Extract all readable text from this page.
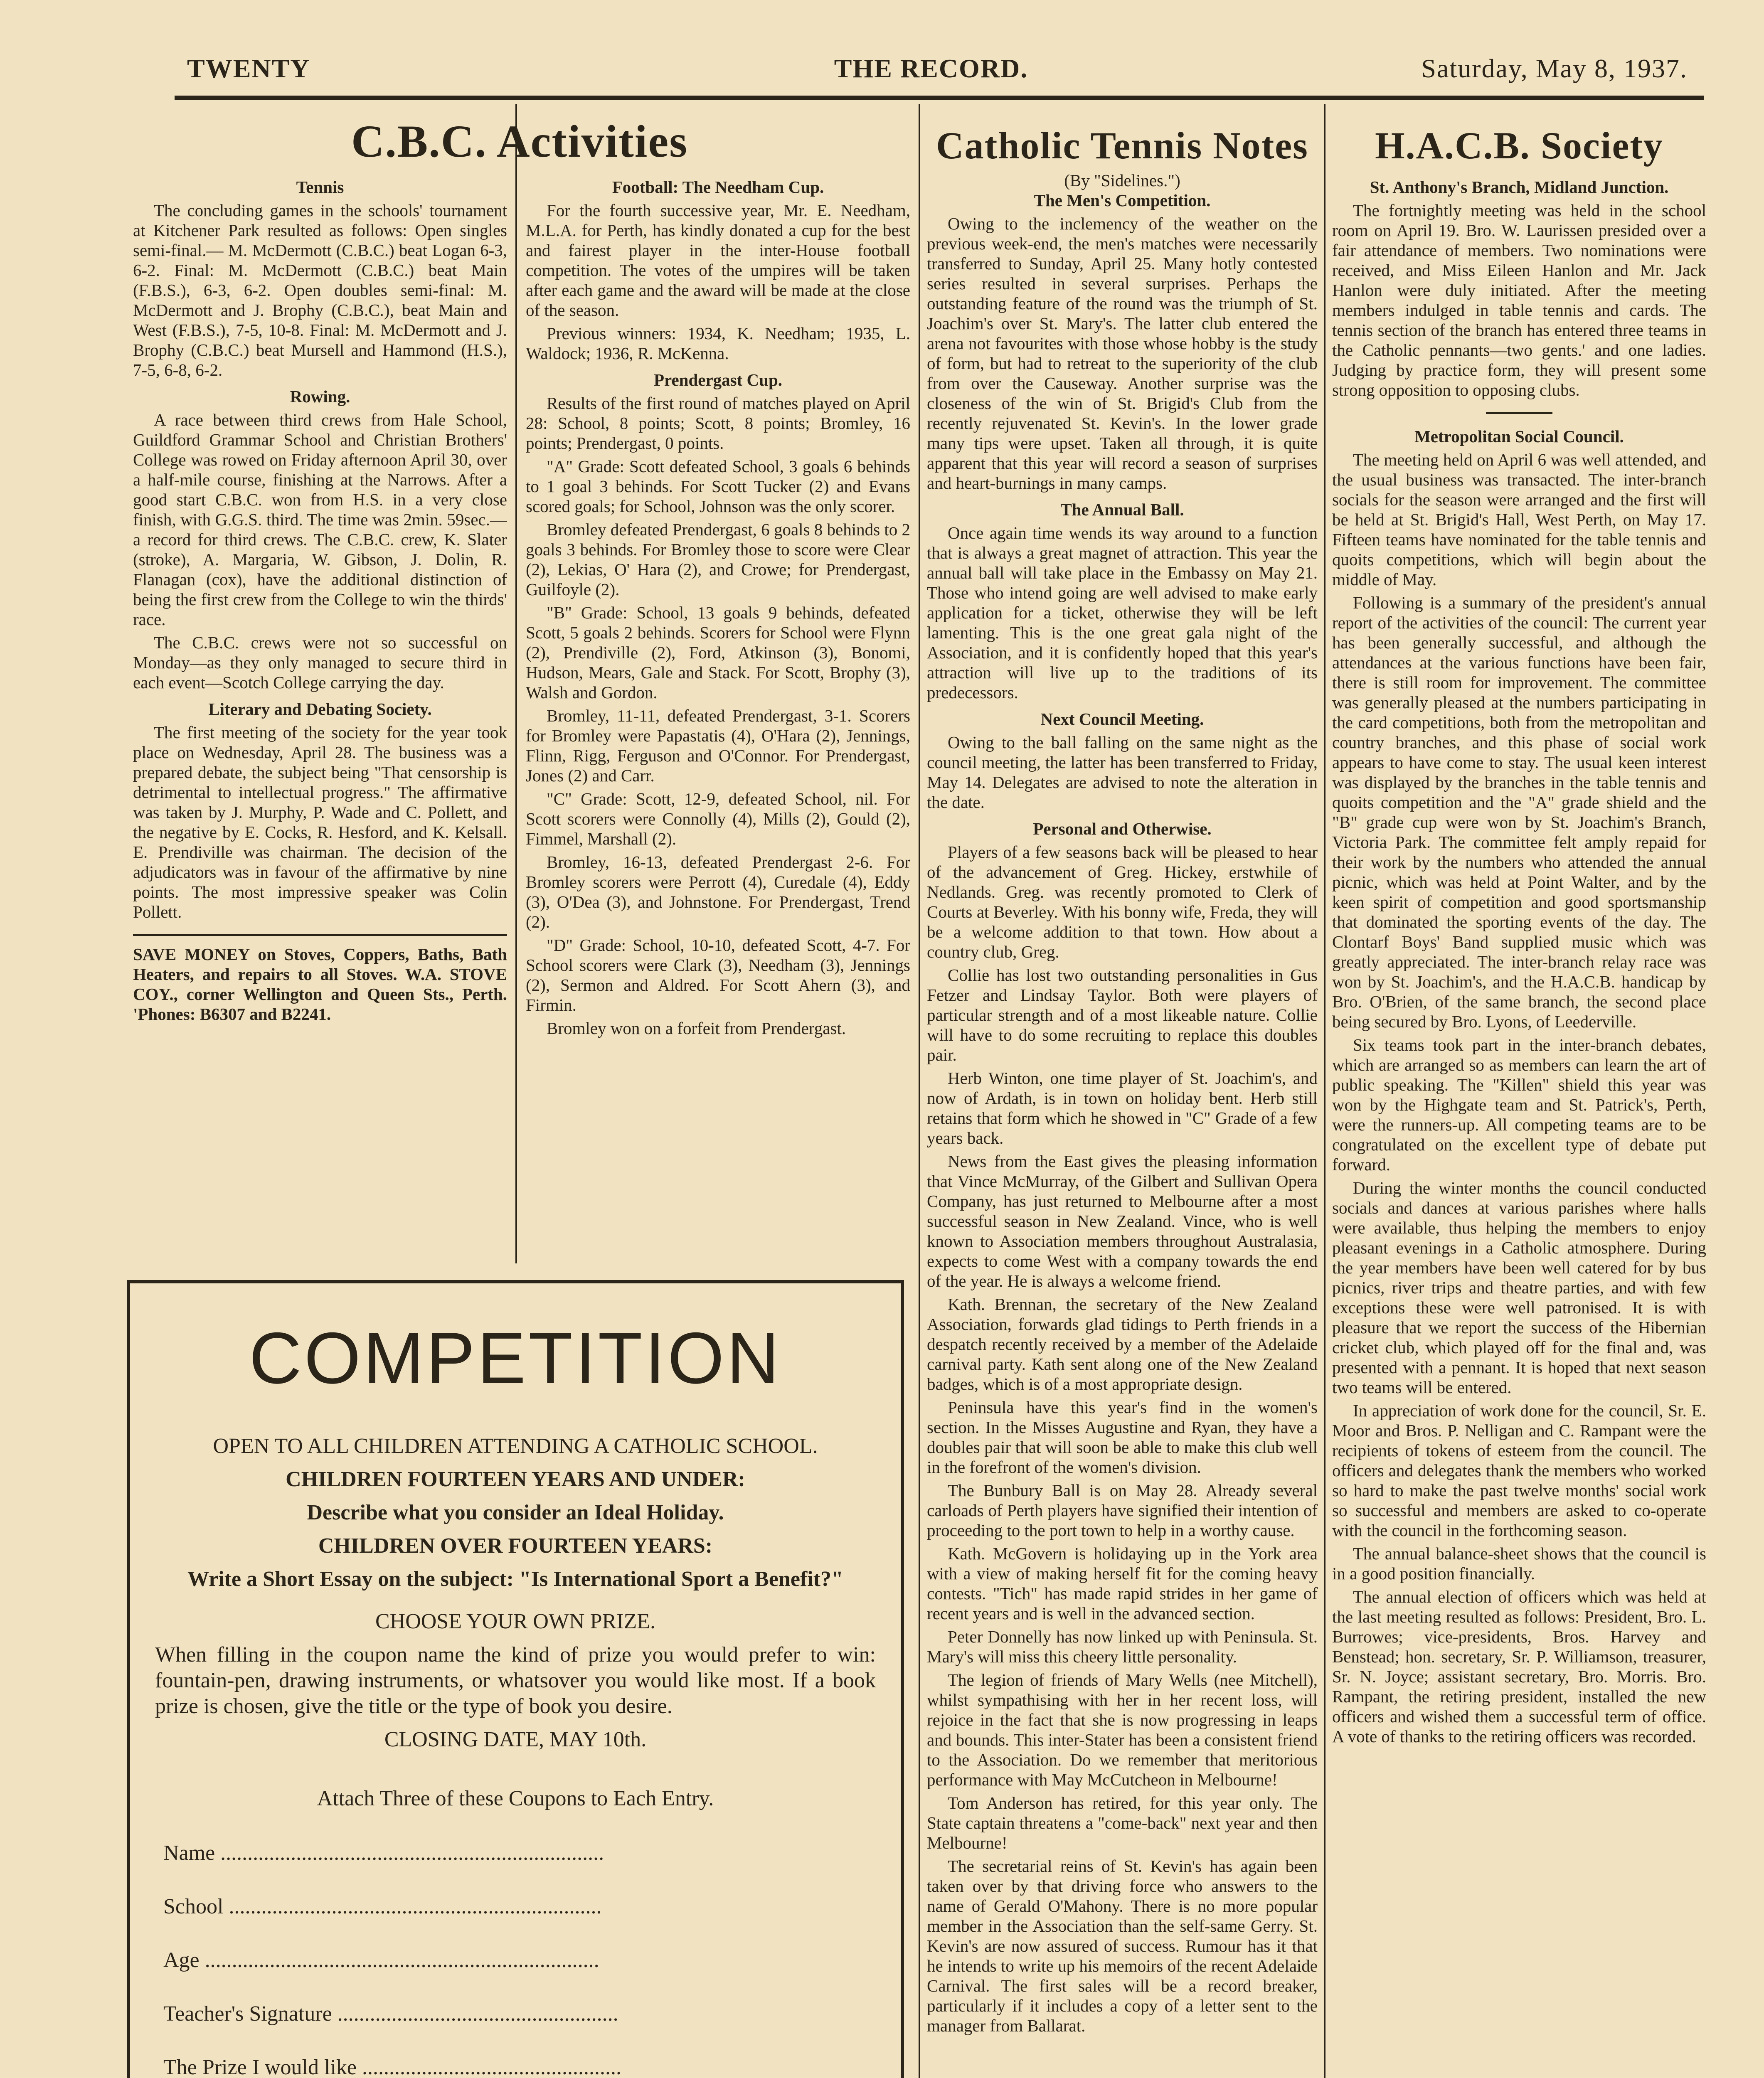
TWENTY	THE RECORD.	Saturday, May 8, 1937.
C.B.C. Activities
Tennis

The concluding games in the schools' tournament at Kitchener Park resulted as follows: Open singles semi-final.— M. McDermott (C.B.C.) beat Logan 6-3, 6-2. Final: M. McDermott (C.B.C.) beat Main (F.B.S.), 6-3, 6-2. Open doubles semi-final: M. McDermott and J. Brophy (C.B.C.), beat Main and West (F.B.S.), 7-5, 10-8. Final: M. McDermott and J. Brophy (C.B.C.) beat Mursell and Hammond (H.S.), 7-5, 6-8, 6-2.

Rowing.

A race between third crews from Hale School, Guildford Grammar School and Christian Brothers' College was rowed on Friday afternoon April 30, over a half-mile course, finishing at the Narrows. After a good start C.B.C. won from H.S. in a very close finish, with G.G.S. third. The time was 2min. 59sec.—a record for third crews. The C.B.C. crew, K. Slater (stroke), A. Margaria, W. Gibson, J. Dolin, R. Flanagan (cox), have the additional distinction of being the first crew from the College to win the thirds' race.

The C.B.C. crews were not so successful on Monday—as they only managed to secure third in each event—Scotch College carrying the day.

Literary and Debating Society.

The first meeting of the society for the year took place on Wednesday, April 28. The business was a prepared debate, the subject being "That censorship is detrimental to intellectual progress." The affirmative was taken by J. Murphy, P. Wade and C. Pollett, and the negative by E. Cocks, R. Hesford, and K. Kelsall. E. Prendiville was chairman. The decision of the adjudicators was in favour of the affirmative by nine points. The most impressive speaker was Colin Pollett.

SAVE MONEY on Stoves, Coppers, Baths, Bath Heaters, and repairs to all Stoves. W.A. STOVE COY., corner Wellington and Queen Sts., Perth. 'Phones: B6307 and B2241.
Football: The Needham Cup.

For the fourth successive year, Mr. E. Needham, M.L.A. for Perth, has kindly donated a cup for the best and fairest player in the inter-House football competition. The votes of the umpires will be taken after each game and the award will be made at the close of the season.

Previous winners: 1934, K. Needham; 1935, L. Waldock; 1936, R. McKenna.

Prendergast Cup.

Results of the first round of matches played on April 28: School, 8 points; Scott, 8 points; Bromley, 16 points; Prendergast, 0 points.

"A" Grade: Scott defeated School, 3 goals 6 behinds to 1 goal 3 behinds. For Scott Tucker (2) and Evans scored goals; for School, Johnson was the only scorer.

Bromley defeated Prendergast, 6 goals 8 behinds to 2 goals 3 behinds. For Bromley those to score were Clear (2), Lekias, O' Hara (2), and Crowe; for Prendergast, Guilfoyle (2).

"B" Grade: School, 13 goals 9 behinds, defeated Scott, 5 goals 2 behinds. Scorers for School were Flynn (2), Prendiville (2), Ford, Atkinson (3), Bonomi, Hudson, Mears, Gale and Stack. For Scott, Brophy (3), Walsh and Gordon.

Bromley, 11-11, defeated Prendergast, 3-1. Scorers for Bromley were Papastatis (4), O'Hara (2), Jennings, Flinn, Rigg, Ferguson and O'Connor. For Prendergast, Jones (2) and Carr.

"C" Grade: Scott, 12-9, defeated School, nil. For Scott scorers were Connolly (4), Mills (2), Gould (2), Fimmel, Marshall (2).

Bromley, 16-13, defeated Prendergast 2-6. For Bromley scorers were Perrott (4), Curedale (4), Eddy (3), O'Dea (3), and Johnstone. For Prendergast, Trend (2).

"D" Grade: School, 10-10, defeated Scott, 4-7. For School scorers were Clark (3), Needham (3), Jennings (2), Sermon and Aldred. For Scott Ahern (3), and Firmin.

Bromley won on a forfeit from Prendergast.

COMPETITION
OPEN TO ALL CHILDREN ATTENDING A CATHOLIC SCHOOL.
CHILDREN FOURTEEN YEARS AND UNDER:
Describe what you consider an Ideal Holiday.
CHILDREN OVER FOURTEEN YEARS:
Write a Short Essay on the subject: "Is International Sport a Benefit?"
CHOOSE YOUR OWN PRIZE.
When filling in the coupon name the kind of prize you would prefer to win: fountain-pen, drawing instruments, or whatsover you would like most. If a book prize is chosen, give the title or the type of book you desire.
CLOSING DATE, MAY 10th.
Attach Three of these Coupons to Each Entry.
Name .......................................................................
School .....................................................................
Age .........................................................................
Teacher's Signature ....................................................
The Prize I would like ................................................
Catholic Tennis Notes
(By "Sidelines.")
The Men's Competition.

Owing to the inclemency of the weather on the previous week-end, the men's matches were necessarily transferred to Sunday, April 25. Many hotly contested series resulted in several surprises. Perhaps the outstanding feature of the round was the triumph of St. Joachim's over St. Mary's. The latter club entered the arena not favourites with those whose hobby is the study of form, but had to retreat to the superiority of the club from over the Causeway. Another surprise was the closeness of the win of St. Brigid's Club from the recently rejuvenated St. Kevin's. In the lower grade many tips were upset. Taken all through, it is quite apparent that this year will record a season of surprises and heart-burnings in many camps.

The Annual Ball.

Once again time wends its way around to a function that is always a great magnet of attraction. This year the annual ball will take place in the Embassy on May 21. Those who intend going are well advised to make early application for a ticket, otherwise they will be left lamenting. This is the one great gala night of the Association, and it is confidently hoped that this year's attraction will live up to the traditions of its predecessors.

Next Council Meeting.

Owing to the ball falling on the same night as the council meeting, the latter has been transferred to Friday, May 14. Delegates are advised to note the alteration in the date.

Personal and Otherwise.

Players of a few seasons back will be pleased to hear of the advancement of Greg. Hickey, erstwhile of Nedlands. Greg. was recently promoted to Clerk of Courts at Beverley. With his bonny wife, Freda, they will be a welcome addition to that town. How about a country club, Greg.

Collie has lost two outstanding personalities in Gus Fetzer and Lindsay Taylor. Both were players of particular strength and of a most likeable nature. Collie will have to do some recruiting to replace this doubles pair.

Herb Winton, one time player of St. Joachim's, and now of Ardath, is in town on holiday bent. Herb still retains that form which he showed in "C" Grade of a few years back.

News from the East gives the pleasing information that Vince McMurray, of the Gilbert and Sullivan Opera Company, has just returned to Melbourne after a most successful season in New Zealand. Vince, who is well known to Association members throughout Australasia, expects to come West with a company towards the end of the year. He is always a welcome friend.

Kath. Brennan, the secretary of the New Zealand Association, forwards glad tidings to Perth friends in a despatch recently received by a member of the Adelaide carnival party. Kath sent along one of the New Zealand badges, which is of a most appropriate design.

Peninsula have this year's find in the women's section. In the Misses Augustine and Ryan, they have a doubles pair that will soon be able to make this club well in the forefront of the women's division.

The Bunbury Ball is on May 28. Already several carloads of Perth players have signified their intention of proceeding to the port town to help in a worthy cause.

Kath. McGovern is holidaying up in the York area with a view of making herself fit for the coming heavy contests. "Tich" has made rapid strides in her game of recent years and is well in the advanced section.

Peter Donnelly has now linked up with Peninsula. St. Mary's will miss this cheery little personality.

The legion of friends of Mary Wells (nee Mitchell), whilst sympathising with her in her recent loss, will rejoice in the fact that she is now progressing in leaps and bounds. This inter-Stater has been a consistent friend to the Association. Do we remember that meritorious performance with May McCutcheon in Melbourne!

Tom Anderson has retired, for this year only. The State captain threatens a "come-back" next year and then Melbourne!

The secretarial reins of St. Kevin's has again been taken over by that driving force who answers to the name of Gerald O'Mahony. There is no more popular member in the Association than the self-same Gerry. St. Kevin's are now assured of success. Rumour has it that he intends to write up his memoirs of the recent Adelaide Carnival. The first sales will be a record breaker, particularly if it includes a copy of a letter sent to the manager from Ballarat.

H.A.C.B. Society
St. Anthony's Branch, Midland Junction.

The fortnightly meeting was held in the school room on April 19. Bro. W. Laurissen presided over a fair attendance of members. Two nominations were received, and Miss Eileen Hanlon and Mr. Jack Hanlon were duly initiated. After the meeting members indulged in table tennis and cards. The tennis section of the branch has entered three teams in the Catholic pennants—two gents.' and one ladies. Judging by practice form, they will present some strong opposition to opposing clubs.

Metropolitan Social Council.

The meeting held on April 6 was well attended, and the usual business was transacted. The inter-branch socials for the season were arranged and the first will be held at St. Brigid's Hall, West Perth, on May 17. Fifteen teams have nominated for the table tennis and quoits competitions, which will begin about the middle of May.

Following is a summary of the president's annual report of the activities of the council: The current year has been generally successful, and although the attendances at the various functions have been fair, there is still room for improvement. The committee was generally pleased at the numbers participating in the card competitions, both from the metropolitan and country branches, and this phase of social work appears to have come to stay. The usual keen interest was displayed by the branches in the table tennis and quoits competition and the "A" grade shield and the "B" grade cup were won by St. Joachim's Branch, Victoria Park. The committee felt amply repaid for their work by the numbers who attended the annual picnic, which was held at Point Walter, and by the keen spirit of competition and good sportsmanship that dominated the sporting events of the day. The Clontarf Boys' Band supplied music which was greatly appreciated. The inter-branch relay race was won by St. Joachim's, and the H.A.C.B. handicap by Bro. O'Brien, of the same branch, the second place being secured by Bro. Lyons, of Leederville.

Six teams took part in the inter-branch debates, which are arranged so as members can learn the art of public speaking. The "Killen" shield this year was won by the Highgate team and St. Patrick's, Perth, were the runners-up. All competing teams are to be congratulated on the excellent type of debate put forward.

During the winter months the council conducted socials and dances at various parishes where halls were available, thus helping the members to enjoy pleasant evenings in a Catholic atmosphere. During the year members have been well catered for by bus picnics, river trips and theatre parties, and with few exceptions these were well patronised. It is with pleasure that we report the success of the Hibernian cricket club, which played off for the final and, was presented with a pennant. It is hoped that next season two teams will be entered.

In appreciation of work done for the council, Sr. E. Moor and Bros. P. Nelligan and C. Rampant were the recipients of tokens of esteem from the council. The officers and delegates thank the members who worked so hard to make the past twelve months' social work so successful and members are asked to co-operate with the council in the forthcoming season.

The annual balance-sheet shows that the council is in a good position financially.

The annual election of officers which was held at the last meeting resulted as follows: President, Bro. L. Burrowes; vice-presidents, Bros. Harvey and Benstead; hon. secretary, Sr. P. Williamson, treasurer, Sr. N. Joyce; assistant secretary, Bro. Morris. Bro. Rampant, the retiring president, installed the new officers and wished them a successful term of office. A vote of thanks to the retiring officers was recorded.
